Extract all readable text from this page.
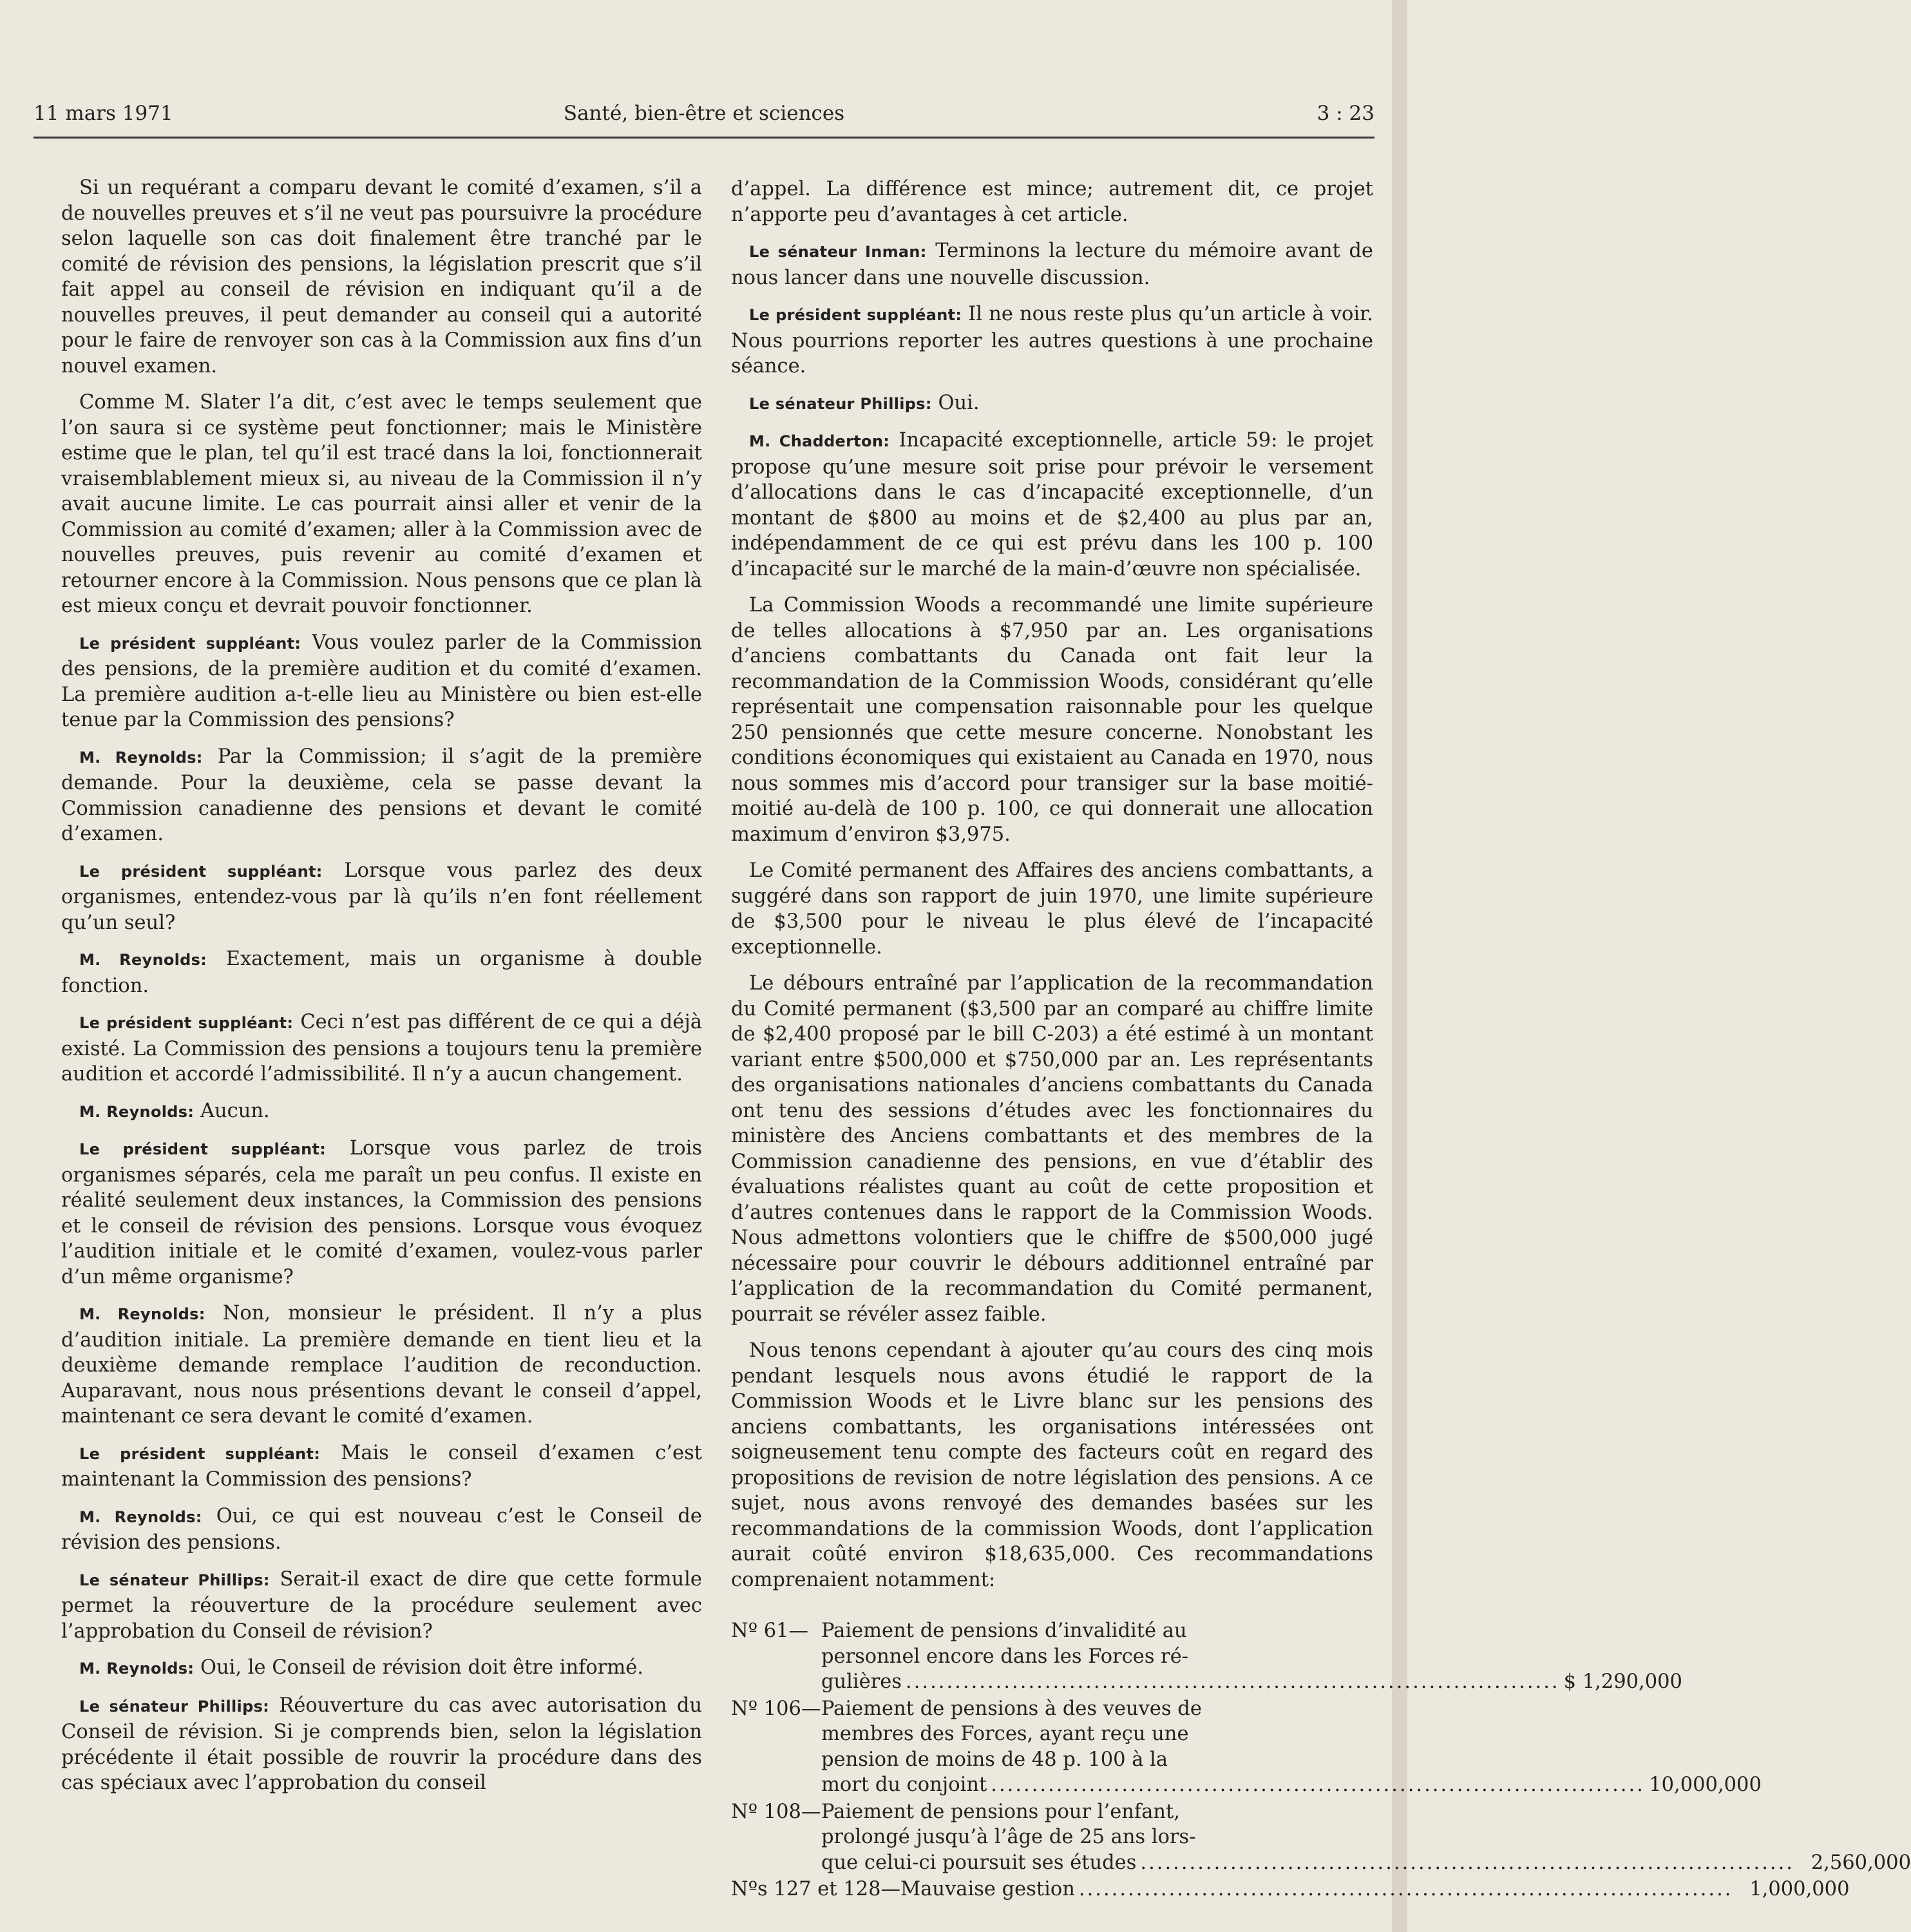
11 mars 1971	Santé, bien-être et sciences	3 : 23

Si un requérant a comparu devant le comité d’examen, s’il a de nouvelles preuves et s’il ne veut pas poursuivre la procédure selon laquelle son cas doit finalement être tranché par le comité de révision des pensions, la législation prescrit que s’il fait appel au conseil de révision en indiquant qu’il a de nouvelles preuves, il peut demander au conseil qui a autorité pour le faire de renvoyer son cas à la Commission aux fins d’un nouvel examen.

Comme M. Slater l’a dit, c’est avec le temps seulement que l’on saura si ce système peut fonctionner; mais le Ministère estime que le plan, tel qu’il est tracé dans la loi, fonctionnerait vraisemblablement mieux si, au niveau de la Commission il n’y avait aucune limite. Le cas pourrait ainsi aller et venir de la Commission au comité d’examen; aller à la Commission avec de nouvelles preuves, puis revenir au comité d’examen et retourner encore à la Commission. Nous pensons que ce plan là est mieux conçu et devrait pouvoir fonctionner.

Le président suppléant: Vous voulez parler de la Commission des pensions, de la première audition et du comité d’examen. La première audition a-t-elle lieu au Ministère ou bien est-elle tenue par la Commission des pensions?

M. Reynolds: Par la Commission; il s’agit de la première demande. Pour la deuxième, cela se passe devant la Commission canadienne des pensions et devant le comité d’examen.

Le président suppléant: Lorsque vous parlez des deux organismes, entendez-vous par là qu’ils n’en font réellement qu’un seul?

M. Reynolds: Exactement, mais un organisme à double fonction.

Le président suppléant: Ceci n’est pas différent de ce qui a déjà existé. La Commission des pensions a toujours tenu la première audition et accordé l’admissibilité. Il n’y a aucun changement.

M. Reynolds: Aucun.

Le président suppléant: Lorsque vous parlez de trois organismes séparés, cela me paraît un peu confus. Il existe en réalité seulement deux instances, la Commission des pensions et le conseil de révision des pensions. Lorsque vous évoquez l’audition initiale et le comité d’examen, voulez-vous parler d’un même organisme?

M. Reynolds: Non, monsieur le président. Il n’y a plus d’audition initiale. La première demande en tient lieu et la deuxième demande remplace l’audition de reconduction. Auparavant, nous nous présentions devant le conseil d’appel, maintenant ce sera devant le comité d’examen.

Le président suppléant: Mais le conseil d’examen c’est maintenant la Commission des pensions?

M. Reynolds: Oui, ce qui est nouveau c’est le Conseil de révision des pensions.

Le sénateur Phillips: Serait-il exact de dire que cette formule permet la réouverture de la procédure seulement avec l’approbation du Conseil de révision?

M. Reynolds: Oui, le Conseil de révision doit être informé.

Le sénateur Phillips: Réouverture du cas avec autorisation du Conseil de révision. Si je comprends bien, selon la législation précédente il était possible de rouvrir la procédure dans des cas spéciaux avec l’approbation du conseil

d’appel. La différence est mince; autrement dit, ce projet n’apporte peu d’avantages à cet article.

Le sénateur Inman: Terminons la lecture du mémoire avant de nous lancer dans une nouvelle discussion.

Le président suppléant: Il ne nous reste plus qu’un article à voir. Nous pourrions reporter les autres questions à une prochaine séance.

Le sénateur Phillips: Oui.

M. Chadderton: Incapacité exceptionnelle, article 59: le projet propose qu’une mesure soit prise pour prévoir le versement d’allocations dans le cas d’incapacité exceptionnelle, d’un montant de $800 au moins et de $2,400 au plus par an, indépendamment de ce qui est prévu dans les 100 p. 100 d’incapacité sur le marché de la main-d’œuvre non spécialisée.

La Commission Woods a recommandé une limite supérieure de telles allocations à $7,950 par an. Les organisations d’anciens combattants du Canada ont fait leur la recommandation de la Commission Woods, considérant qu’elle représentait une compensation raisonnable pour les quelque 250 pensionnés que cette mesure concerne. Nonobstant les conditions économiques qui existaient au Canada en 1970, nous nous sommes mis d’accord pour transiger sur la base moitié-moitié au-delà de 100 p. 100, ce qui donnerait une allocation maximum d’environ $3,975.

Le Comité permanent des Affaires des anciens combattants, a suggéré dans son rapport de juin 1970, une limite supérieure de $3,500 pour le niveau le plus élevé de l’incapacité exceptionnelle.

Le débours entraîné par l’application de la recommandation du Comité permanent ($3,500 par an comparé au chiffre limite de $2,400 proposé par le bill C-203) a été estimé à un montant variant entre $500,000 et $750,000 par an. Les représentants des organisations nationales d’anciens combattants du Canada ont tenu des sessions d’études avec les fonctionnaires du ministère des Anciens combattants et des membres de la Commission canadienne des pensions, en vue d’établir des évaluations réalistes quant au coût de cette proposition et d’autres contenues dans le rapport de la Commission Woods. Nous admettons volontiers que le chiffre de $500,000 jugé nécessaire pour couvrir le débours additionnel entraîné par l’application de la recommandation du Comité permanent, pourrait se révéler assez faible.

Nous tenons cependant à ajouter qu’au cours des cinq mois pendant lesquels nous avons étudié le rapport de la Commission Woods et le Livre blanc sur les pensions des anciens combattants, les organisations intéressées ont soigneusement tenu compte des facteurs coût en regard des propositions de revision de notre législation des pensions. A ce sujet, nous avons renvoyé des demandes basées sur les recommandations de la commission Woods, dont l’application aurait coûté environ $18,635,000. Ces recommandations comprenaient notamment:

Nº 61— Paiement de pensions d’invalidité au
personnel encore dans les Forces ré-
gulières ................................................................................ $ 1,290,000
Nº 106— Paiement de pensions à des veuves de
membres des Forces, ayant reçu une
pension de moins de 48 p. 100 à la
mort du conjoint ................................................................................ 10,000,000
Nº 108— Paiement de pensions pour l’enfant,
prolongé jusqu’à l’âge de 25 ans lors-
que celui-ci poursuit ses études ................................................................................ 2,560,000
Nºs 127 et 128— Mauvaise gestion ................................................................................ 1,000,000
